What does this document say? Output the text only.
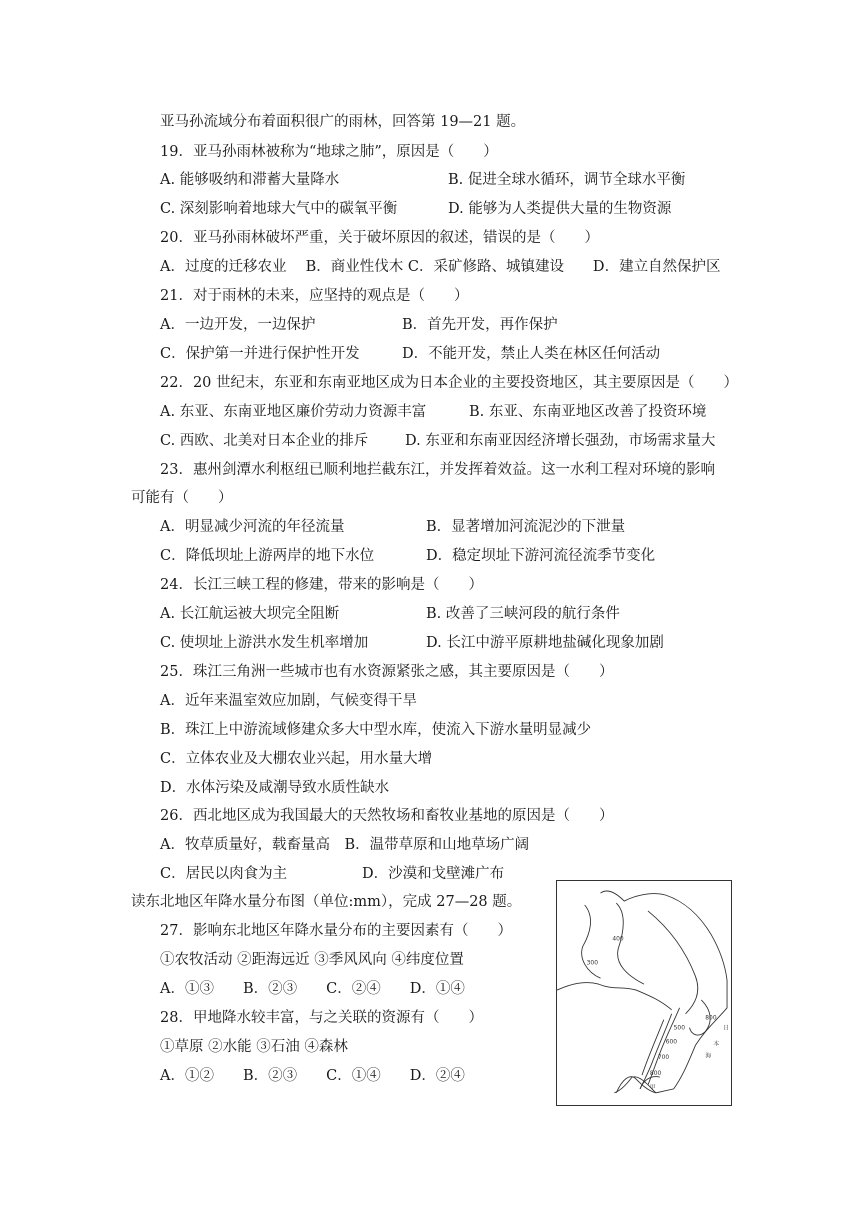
亚马孙流域分布着面积很广的雨林，回答第 19—21 题。
19．亚马孙雨林被称为“地球之肺”，原因是（　　）
A. 能够吸纳和滞蓄大量降水	B. 促进全球水循环，调节全球水平衡
C. 深刻影响着地球大气中的碳氧平衡	D. 能够为人类提供大量的生物资源
20．亚马孙雨林破坏严重，关于破坏原因的叙述，错误的是（　　）
A．过度的迁移农业　 B．商业性伐木 C．采矿修路、城镇建设　　D．建立自然保护区
21．对于雨林的未来，应坚持的观点是（　　）
A．一边开发，一边保护	B．首先开发，再作保护
C．保护第一并进行保护性开发	D．不能开发，禁止人类在林区任何活动
22．20 世纪末，东亚和东南亚地区成为日本企业的主要投资地区，其主要原因是（　　）
A. 东亚、东南亚地区廉价劳动力资源丰富	B. 东亚、东南亚地区改善了投资环境
C. 西欧、北美对日本企业的排斥	D. 东亚和东南亚因经济增长强劲，市场需求量大
23．惠州剑潭水利枢纽已顺利地拦截东江，并发挥着效益。这一水利工程对环境的影响
可能有（　　）
A．明显减少河流的年径流量	B．显著增加河流泥沙的下泄量
C．降低坝址上游两岸的地下水位	D．稳定坝址下游河流径流季节变化
24．长江三峡工程的修建，带来的影响是（　　）
A. 长江航运被大坝完全阻断	B. 改善了三峡河段的航行条件
C. 使坝址上游洪水发生机率增加	D. 长江中游平原耕地盐碱化现象加剧
25．珠江三角洲一些城市也有水资源紧张之感，其主要原因是（　　）
A．近年来温室效应加剧，气候变得干旱
B．珠江上中游流域修建众多大中型水库，使流入下游水量明显减少
C．立体农业及大棚农业兴起，用水量大增
D．水体污染及咸潮导致水质性缺水
26．西北地区成为我国最大的天然牧场和畜牧业基地的原因是（　　）
A．牧草质量好，载畜量高　B．温带草原和山地草场广阔
C．居民以肉食为主	D．沙漠和戈壁滩广布
读东北地区年降水量分布图（单位:mm），完成 27—28 题。
27．影响东北地区年降水量分布的主要因素有（　　）
①农牧活动 ②距海远近 ③季风风向 ④纬度位置
A．①③　　B．②③　　C．②④　　D．①④
28．甲地降水较丰富，与之关联的资源有（　　）
①草原 ②水能 ③石油 ④森林
A．①②　　B．②③　　C．①④　　D．②④
300
400
500
600
700
800
800
日
本
海
甲
